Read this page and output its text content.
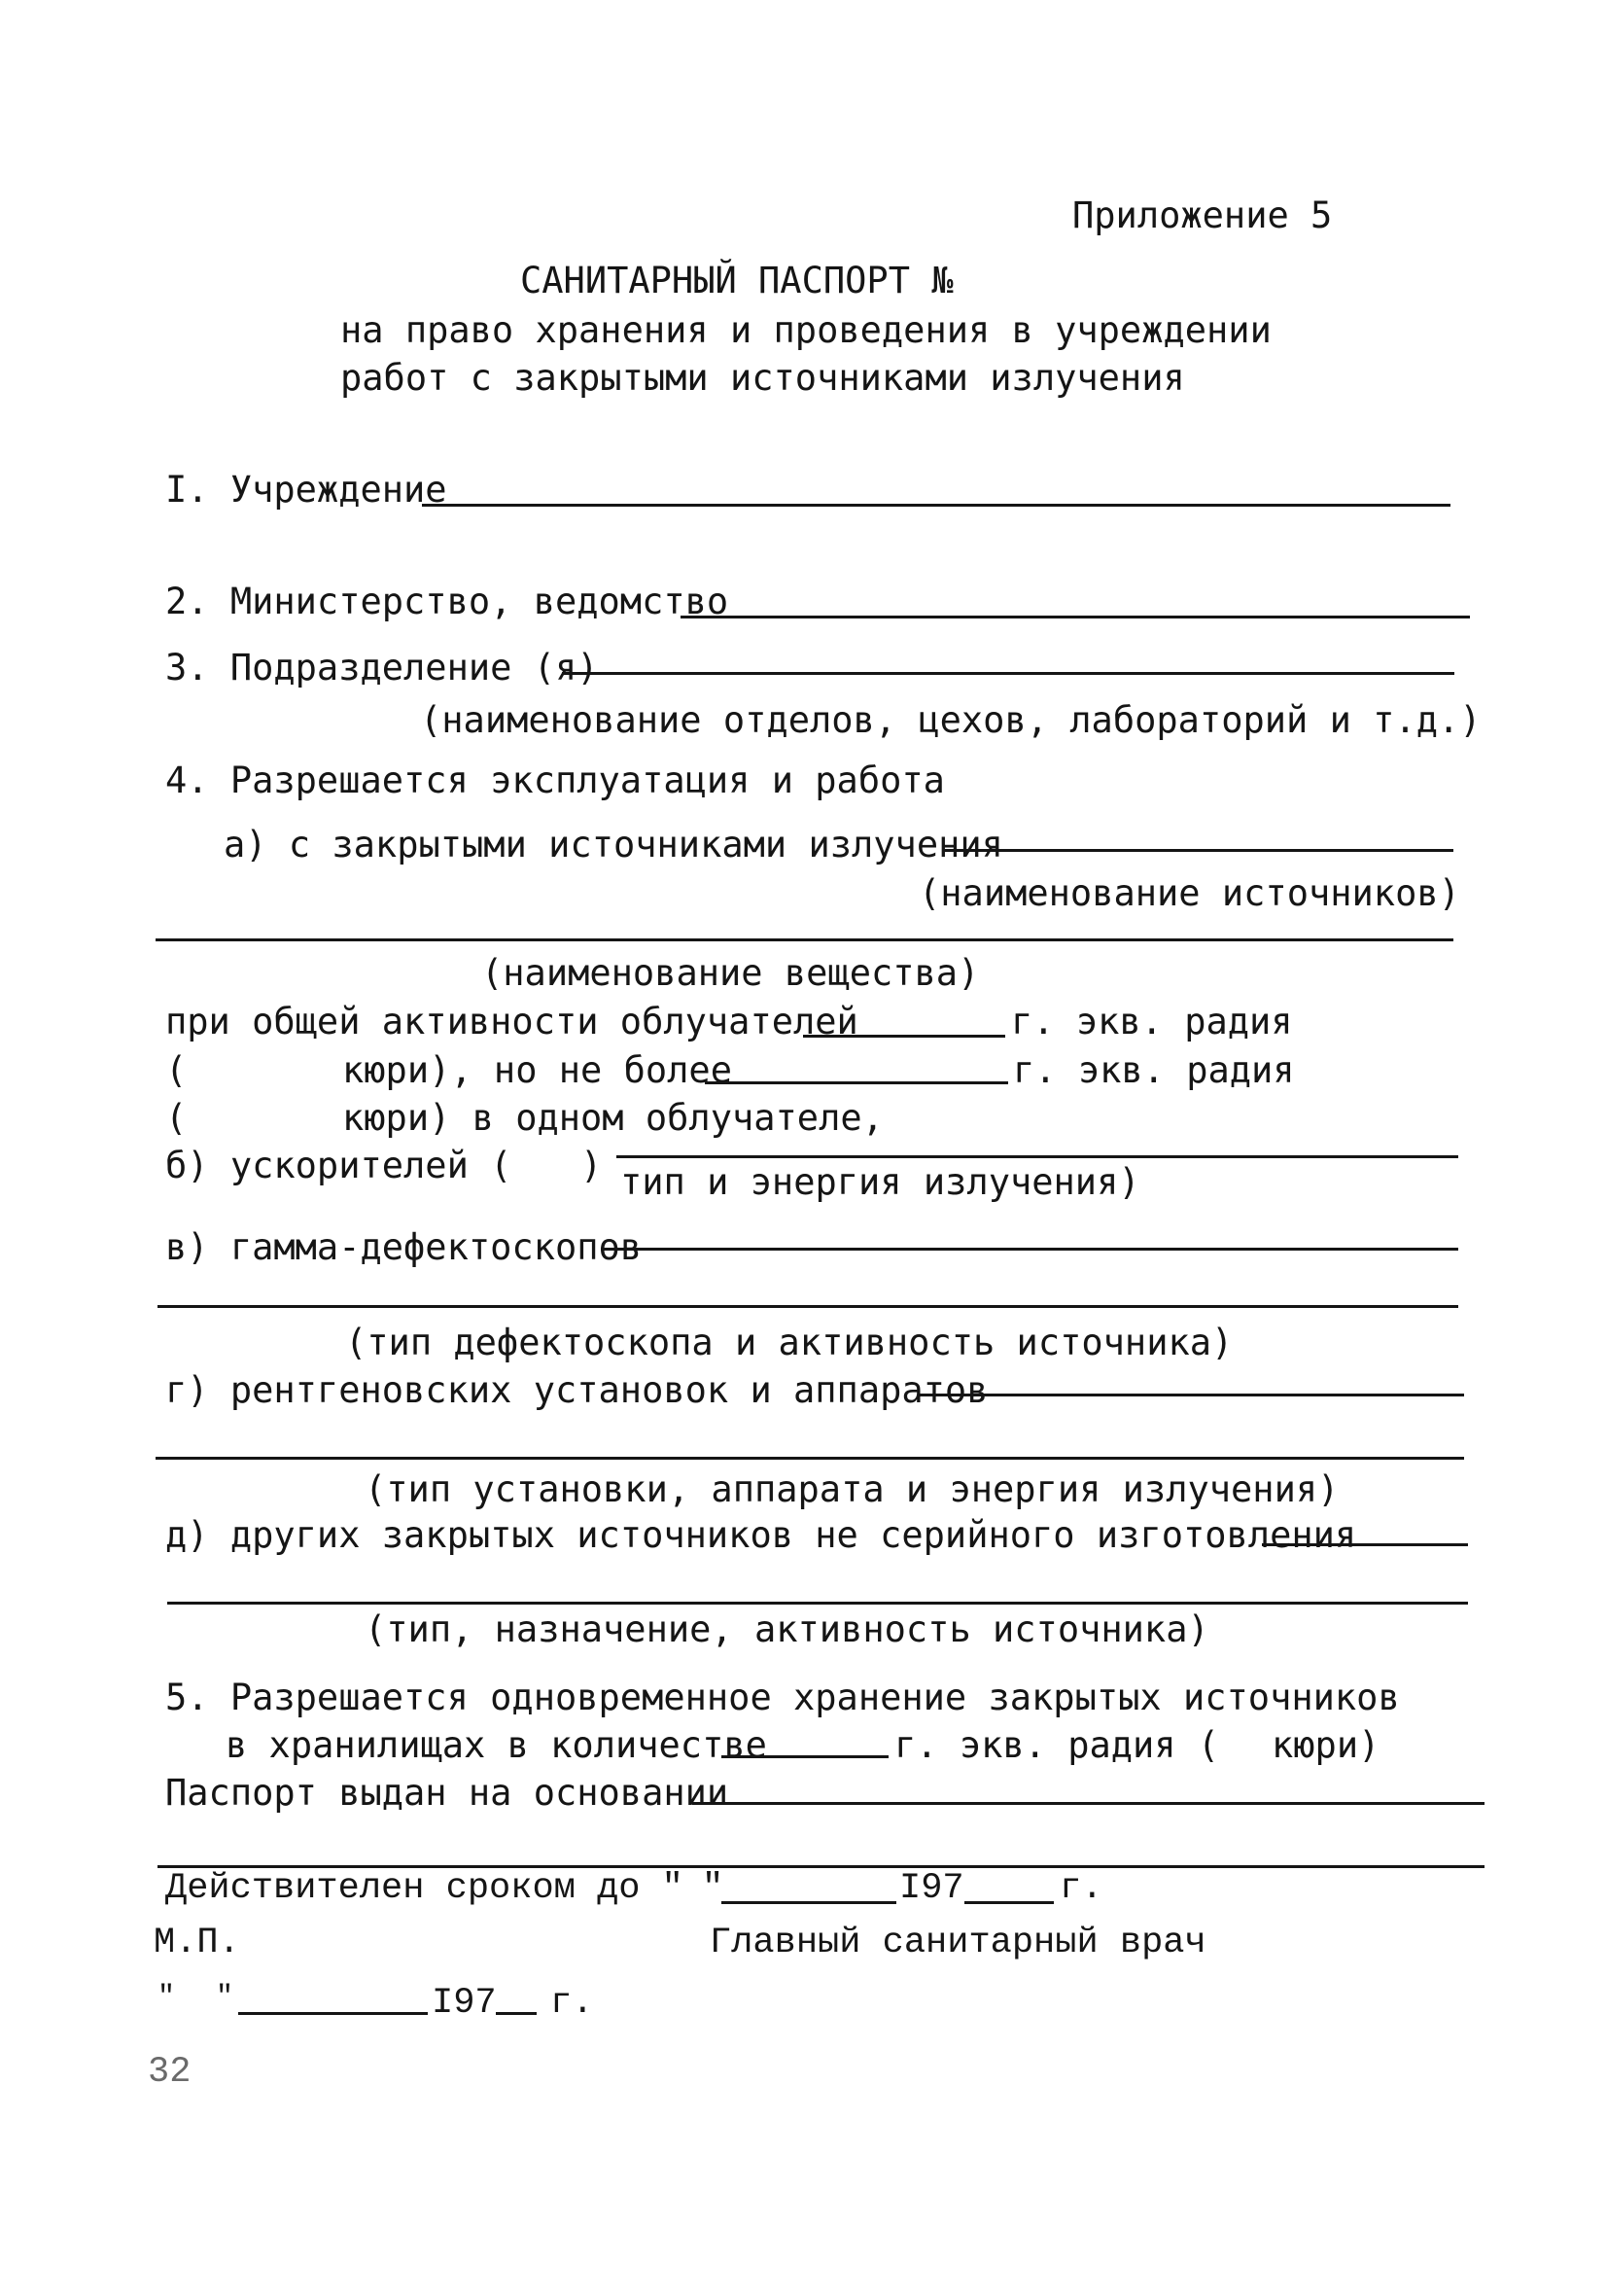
Приложение 5
САНИТАРНЫЙ ПАСПОРТ №
на право хранения и проведения в учреждении
работ с закрытыми источниками излучения
I. Учреждение
2. Министерство, ведомство
3. Подразделение (я)
(наименование отделов, цехов, лабораторий и т.д.)
4. Разрешается эксплуатация и работа
а) с закрытыми источниками излучения
(наименование источников)
(наименование вещества)
при общей активности облучателей	г. экв. радия
(	кюри), но не более	г. экв. радия
(	кюри) в одном облучателе,
б) ускорителей ( ) тип и энергия излучения)
в) гамма-дефектоскопов
(тип дефектоскопа и активность источника)
г) рентгеновских установок и аппаратов
(тип установки, аппарата и энергия излучения)
д) других закрытых источников не серийного изготовления
(тип, назначение, активность источника)
5. Разрешается одновременное хранение закрытых источников
в хранилищах в количестве	г. экв. радия ( кюри)
Паспорт выдан на основании
Действителен сроком до " "	I97	г.
М.П.	Главный санитарный врач
" "	I97 г.
32
